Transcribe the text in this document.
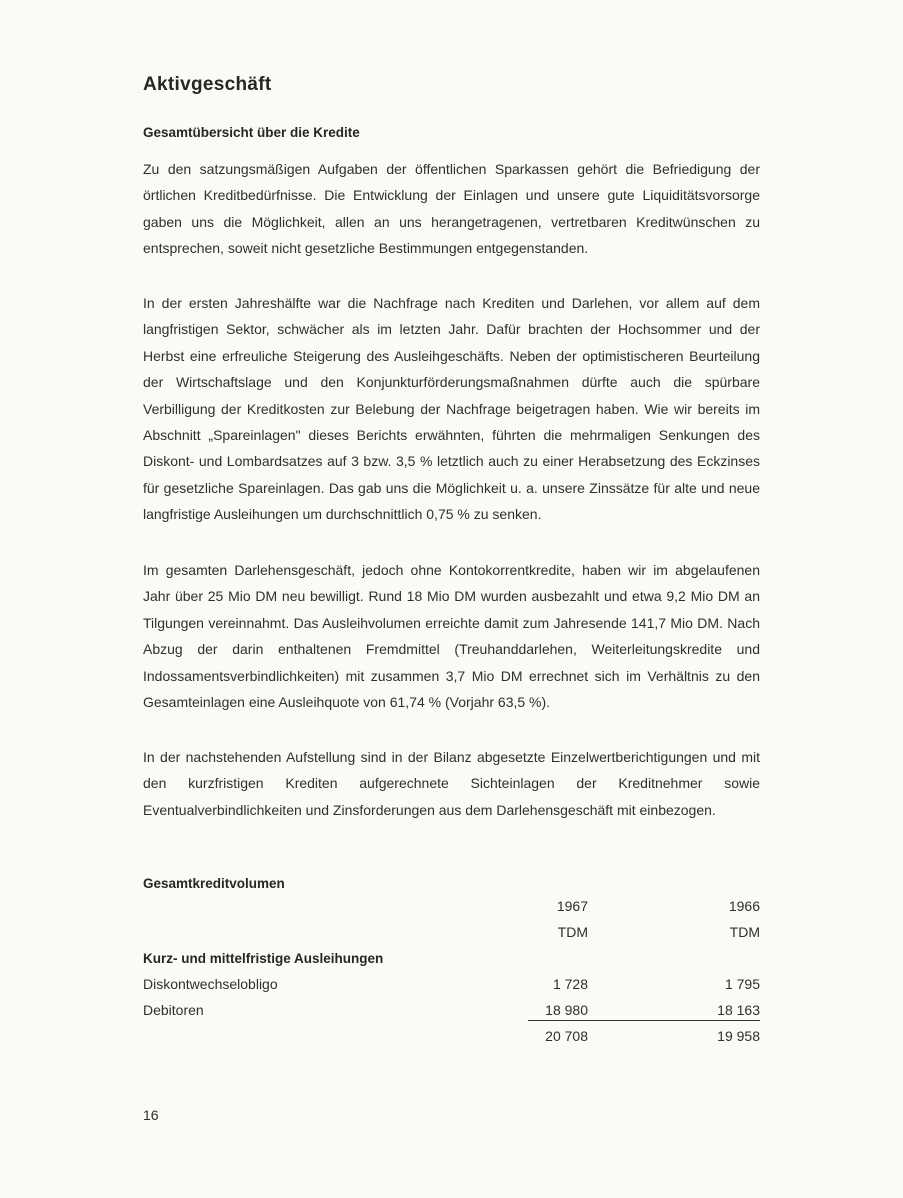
Aktivgeschäft
Gesamtübersicht über die Kredite

Zu den satzungsmäßigen Aufgaben der öffentlichen Sparkassen gehört die Befriedigung der örtlichen Kreditbedürfnisse. Die Entwicklung der Einlagen und unsere gute Liquiditätsvorsorge gaben uns die Möglichkeit, allen an uns herangetragenen, vertretbaren Kreditwünschen zu entsprechen, soweit nicht gesetzliche Bestimmungen entgegenstanden.

In der ersten Jahreshälfte war die Nachfrage nach Krediten und Darlehen, vor allem auf dem langfristigen Sektor, schwächer als im letzten Jahr. Dafür brachten der Hochsommer und der Herbst eine erfreuliche Steigerung des Ausleihgeschäfts. Neben der optimistischeren Beurteilung der Wirtschaftslage und den Konjunkturförderungsmaßnahmen dürfte auch die spürbare Verbilligung der Kreditkosten zur Belebung der Nachfrage beigetragen haben. Wie wir bereits im Abschnitt „Spareinlagen" dieses Berichts erwähnten, führten die mehrmaligen Senkungen des Diskont- und Lombardsatzes auf 3 bzw. 3,5 % letztlich auch zu einer Herabsetzung des Eckzinses für gesetzliche Spareinlagen. Das gab uns die Möglichkeit u. a. unsere Zinssätze für alte und neue langfristige Ausleihungen um durchschnittlich 0,75 % zu senken.

Im gesamten Darlehensgeschäft, jedoch ohne Kontokorrentkredite, haben wir im abgelaufenen Jahr über 25 Mio DM neu bewilligt. Rund 18 Mio DM wurden ausbezahlt und etwa 9,2 Mio DM an Tilgungen vereinnahmt. Das Ausleihvolumen erreichte damit zum Jahresende 141,7 Mio DM. Nach Abzug der darin enthaltenen Fremdmittel (Treuhanddarlehen, Weiterleitungskredite und Indossamentsverbindlichkeiten) mit zusammen 3,7 Mio DM errechnet sich im Verhältnis zu den Gesamteinlagen eine Ausleihquote von 61,74 % (Vorjahr 63,5 %).

In der nachstehenden Aufstellung sind in der Bilanz abgesetzte Einzelwertberichtigungen und mit den kurzfristigen Krediten aufgerechnete Sichteinlagen der Kreditnehmer sowie Eventualverbindlichkeiten und Zinsforderungen aus dem Darlehensgeschäft mit einbezogen.

Gesamtkreditvolumen
1967	1966
TDM	TDM
Kurz- und mittelfristige Ausleihungen
Diskontwechselobligo	1 728	1 795
Debitoren	18 980	18 163
20 708	19 958
16
